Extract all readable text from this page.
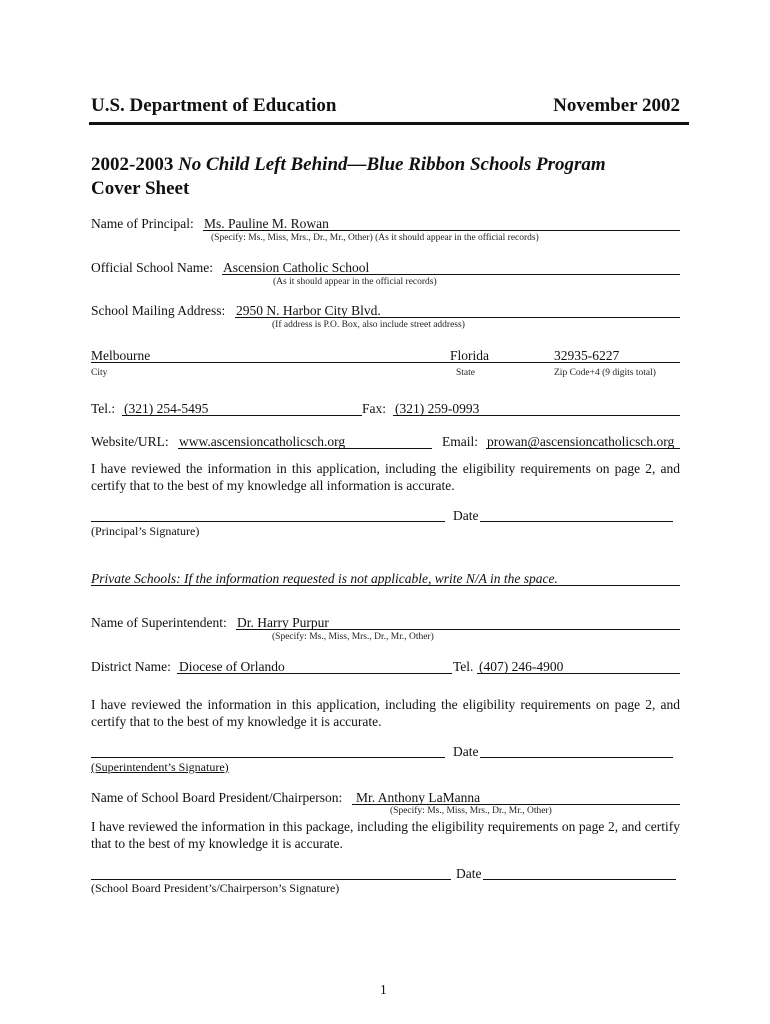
U.S. Department of Education	November 2002
2002-2003 No Child Left Behind—Blue Ribbon Schools Program
Cover Sheet
Name of Principal: Ms. Pauline M. Rowan
(Specify: Ms., Miss, Mrs., Dr., Mr., Other) (As it should appear in the official records)
Official School Name: Ascension Catholic School
(As it should appear in the official records)
School Mailing Address: 2950 N. Harbor City Blvd.
(If address is P.O. Box, also include street address)
Melbourne	Florida	32935-6227
City	State	Zip Code+4 (9 digits total)
Tel.: (321) 254-5495	Fax: (321) 259-0993
Website/URL: www.ascensioncatholicsch.org	Email: prowan@ascensioncatholicsch.org
I have reviewed the information in this application, including the eligibility requirements on page 2, and certify that to the best of my knowledge all information is accurate.
Date
(Principal’s Signature)
Private Schools: If the information requested is not applicable, write N/A in the space.
Name of Superintendent: Dr. Harry Purpur
(Specify: Ms., Miss, Mrs., Dr., Mr., Other)
District Name: Diocese of Orlando	Tel. (407) 246-4900
I have reviewed the information in this application, including the eligibility requirements on page 2, and certify that to the best of my knowledge it is accurate.
Date
(Superintendent’s Signature)
Name of School Board President/Chairperson: Mr. Anthony LaManna
(Specify: Ms., Miss, Mrs., Dr., Mr., Other)
I have reviewed the information in this package, including the eligibility requirements on page 2, and certify that to the best of my knowledge it is accurate.
Date
(School Board President’s/Chairperson’s Signature)
1
